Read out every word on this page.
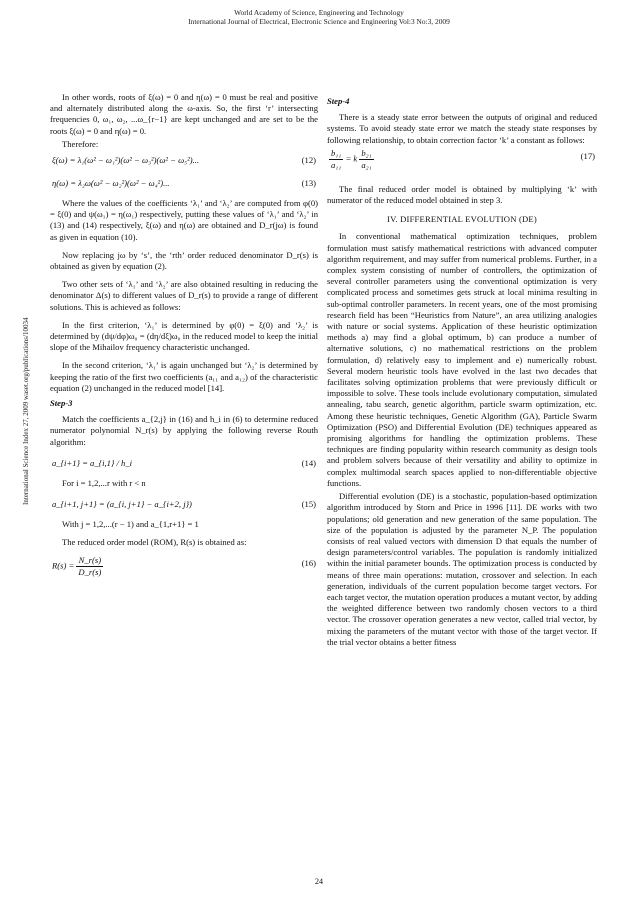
World Academy of Science, Engineering and Technology
International Journal of Electrical, Electronic Science and Engineering Vol:3 No:3, 2009
International Science Index 27, 2009 waset.org/publications/10034

In other words, roots of ξ(ω) = 0 and η(ω) = 0 must be real and positive and alternately distributed along the ω-axis. So, the first ‘r’ intersecting frequencies 0, ω₁, ω₂, ...ω_{r−1} are kept unchanged and are set to be the roots ξ(ω) = 0 and η(ω) = 0.

Therefore:

ξ(ω) = λ₁(ω² − ω₁²)(ω² − ω₃²)(ω² − ω₅²)...	(12)
η(ω) = λ₂ω(ω² − ω₂²)(ω² − ω₄²)...	(13)

Where the values of the coefficients ‘λ₁’ and ‘λ₂’ are computed from φ(0) = ξ(0) and ψ(ω₁) = η(ω₁) respectively, putting these values of ‘λ₁’ and ‘λ₂’ in (13) and (14) respectively, ξ(ω) and η(ω) are obtained and D_r(jω) is found as given in equation (10).

Now replacing jω by ‘s’, the ‘rth’ order reduced denominator D_r(s) is obtained as given by equation (2).

Two other sets of ‘λ₁’ and ‘λ₂’ are also obtained resulting in reducing the denominator Δ(s) to different values of D_r(s) to provide a range of different solutions. This is achieved as follows:

In the first criterion, ‘λ₁’ is determined by φ(0) = ξ(0) and ‘λ₂’ is determined by (dψ/dφ)ω₀ = (dη/dξ)ω₀ in the reduced model to keep the initial slope of the Mihailov frequency characteristic unchanged.

In the second criterion, ‘λ₁’ is again unchanged but ‘λ₂’ is determined by keeping the ratio of the first two coefficients (a₁₁ and a₁₂) of the characteristic equation (2) unchanged in the reduced model [14].

Step-3

Match the coefficients a_{2,j} in (16) and h_i in (6) to determine reduced numerator polynomial N_r(s) by applying the following reverse Routh algorithm:

a_{i+1} = a_{i,1} / h_i	(14)

For i = 1,2,...r with r < n

a_{i+1, j+1} = (a_{i, j+1} − a_{i+2, j})	(15)

With j = 1,2,...(r − 1) and a_{1,r+1} = 1

The reduced order model (ROM), R(s) is obtained as:

$R(s) = \frac{N\_r(s)}{D\_r(s)}$	(16)

Step-4

There is a steady state error between the outputs of original and reduced systems. To avoid steady state error we match the steady state responses by following relationship, to obtain correction factor ‘k’ a constant as follows:

$\frac{\text{b₁₁}}{\text{a₁₁}} = k \frac{\text{b₂₁}}{\text{a₂₁}}$	(17)

The final reduced order model is obtained by multiplying ‘k’ with numerator of the reduced model obtained in step 3.

IV. DIFFERENTIAL EVOLUTION (DE)

In conventional mathematical optimization techniques, problem formulation must satisfy mathematical restrictions with advanced computer algorithm requirement, and may suffer from numerical problems. Further, in a complex system consisting of number of controllers, the optimization of several controller parameters using the conventional optimization is very complicated process and sometimes gets struck at local minima resulting in sub-optimal controller parameters. In recent years, one of the most promising research field has been “Heuristics from Nature”, an area utilizing analogies with nature or social systems. Application of these heuristic optimization methods a) may find a global optimum, b) can produce a number of alternative solutions, c) no mathematical restrictions on the problem formulation, d) relatively easy to implement and e) numerically robust. Several modern heuristic tools have evolved in the last two decades that facilitates solving optimization problems that were previously difficult or impossible to solve. These tools include evolutionary computation, simulated annealing, tabu search, genetic algorithm, particle swarm optimization, etc. Among these heuristic techniques, Genetic Algorithm (GA), Particle Swarm Optimization (PSO) and Differential Evolution (DE) techniques appeared as promising algorithms for handling the optimization problems. These techniques are finding popularity within research community as design tools and problem solvers because of their versatility and ability to optimize in complex multimodal search spaces applied to non-differentiable objective functions.

Differential evolution (DE) is a stochastic, population-based optimization algorithm introduced by Storn and Price in 1996 [11]. DE works with two populations; old generation and new generation of the same population. The size of the population is adjusted by the parameter N_P. The population consists of real valued vectors with dimension D that equals the number of design parameters/control variables. The population is randomly initialized within the initial parameter bounds. The optimization process is conducted by means of three main operations: mutation, crossover and selection. In each generation, individuals of the current population become target vectors. For each target vector, the mutation operation produces a mutant vector, by adding the weighted difference between two randomly chosen vectors to a third vector. The crossover operation generates a new vector, called trial vector, by mixing the parameters of the mutant vector with those of the target vector. If the trial vector obtains a better fitness

24
